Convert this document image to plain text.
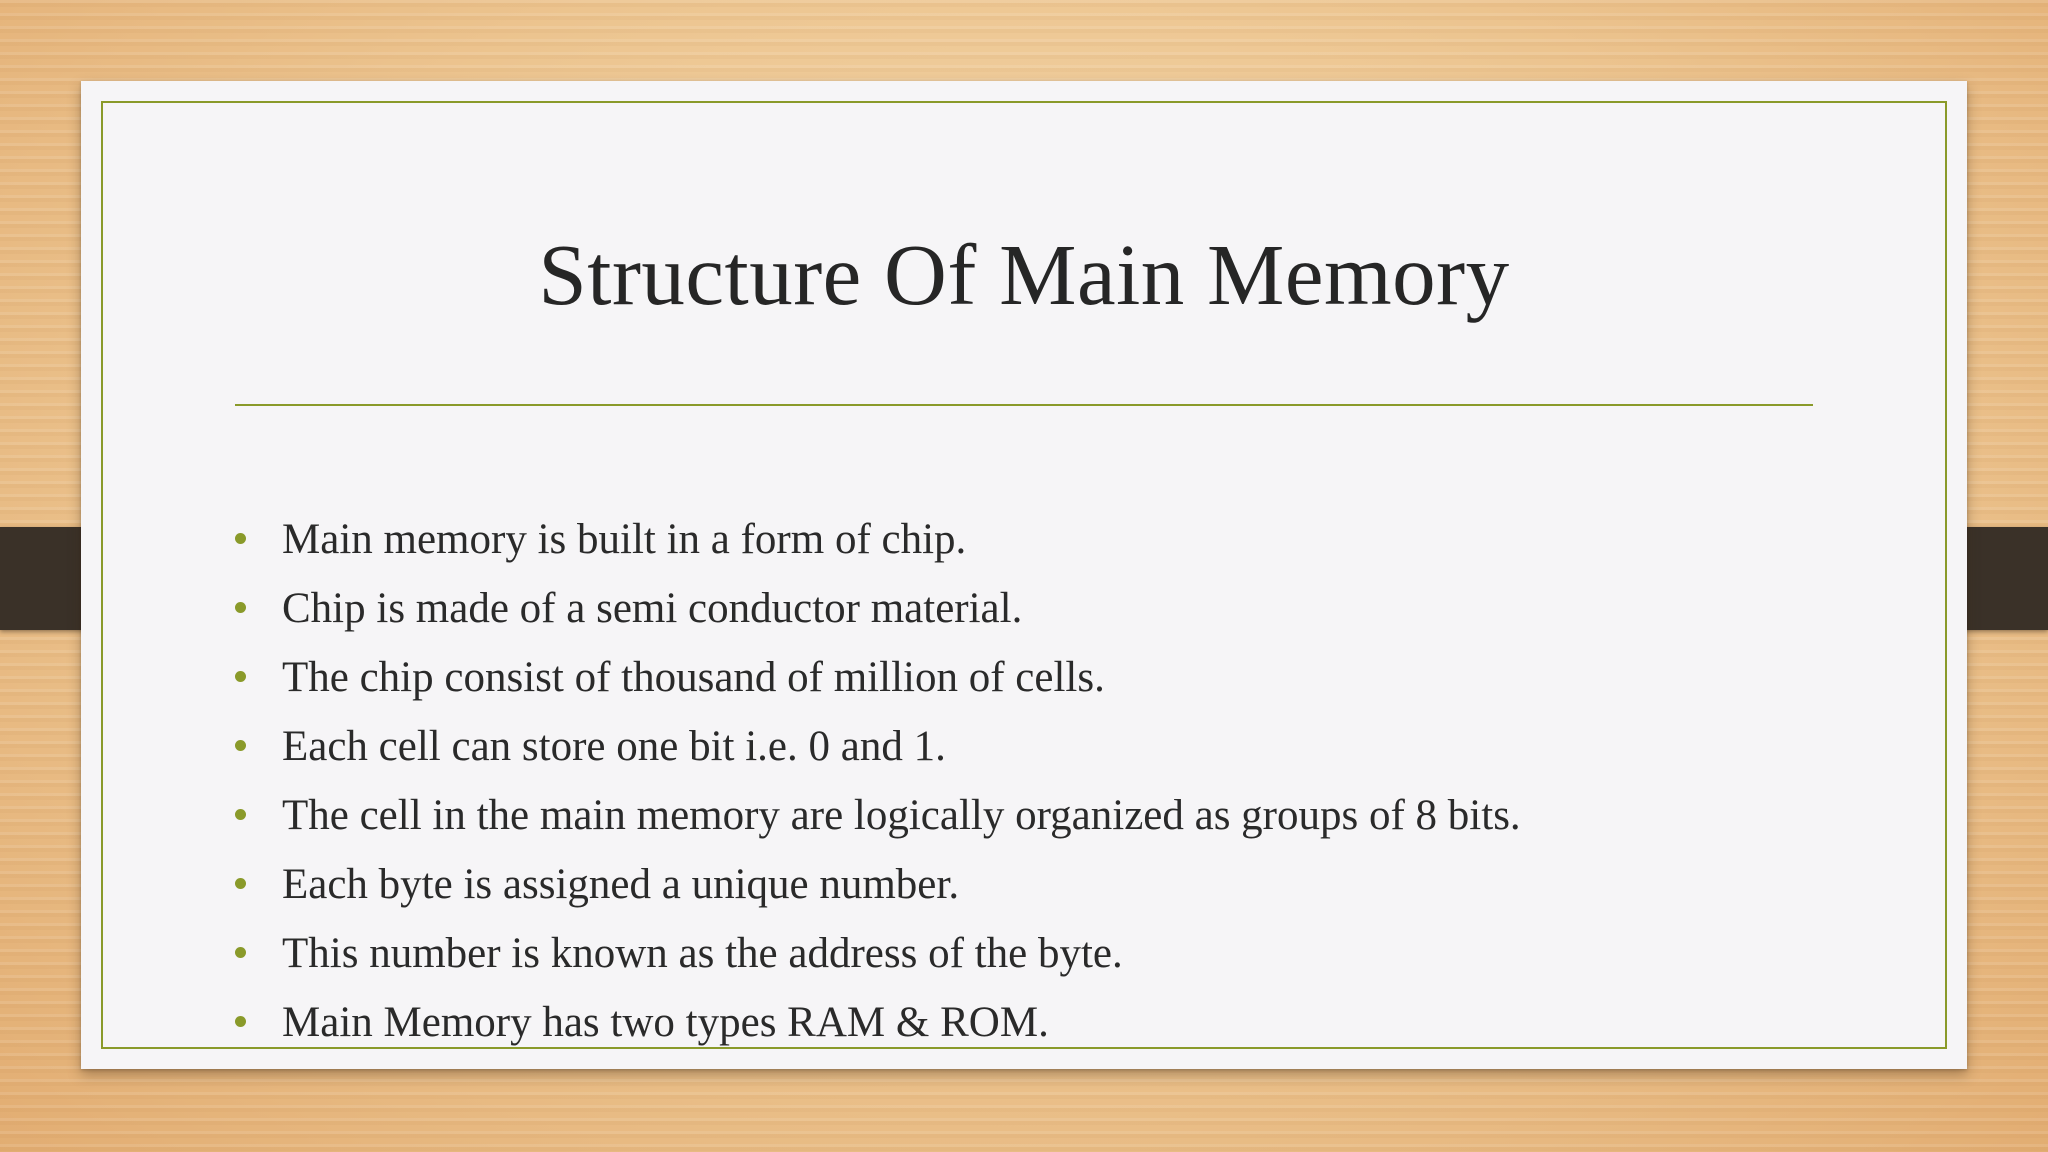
Structure Of Main Memory
Main memory is built in a form of chip.
Chip is made of a semi conductor material.
The chip consist of thousand of million of cells.
Each cell can store one bit i.e. 0 and 1.
The cell in the main memory are logically organized as groups of 8 bits.
Each byte is assigned a unique number.
This number is known as the address of the byte.
Main Memory has two types RAM & ROM.
